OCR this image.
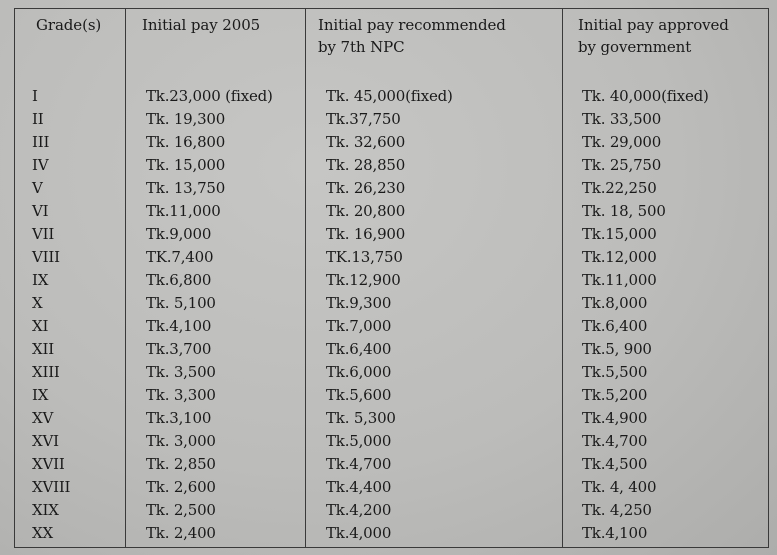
Grade(s)	Initial pay 2005	Initial pay recommended
by 7th NPC
Initial pay approved
by government
I
II
III
IV
V
VI
VII
VIII
IX
X
XI
XII
XIII
IX
XV
XVI
XVII
XVIII
XIX
XX
Tk.23,000 (fixed)
Tk. 19,300
Tk. 16,800
Tk. 15,000
Tk. 13,750
Tk.11,000
Tk.9,000
TK.7,400
Tk.6,800
Tk. 5,100
Tk.4,100
Tk.3,700
Tk. 3,500
Tk. 3,300
Tk.3,100
Tk. 3,000
Tk. 2,850
Tk. 2,600
Tk. 2,500
Tk. 2,400
Tk. 45,000(fixed)
Tk.37,750
Tk. 32,600
Tk. 28,850
Tk. 26,230
Tk. 20,800
Tk. 16,900
TK.13,750
Tk.12,900
Tk.9,300
Tk.7,000
Tk.6,400
Tk.6,000
Tk.5,600
Tk. 5,300
Tk.5,000
Tk.4,700
Tk.4,400
Tk.4,200
Tk.4,000
Tk. 40,000(fixed)
Tk. 33,500
Tk. 29,000
Tk. 25,750
Tk.22,250
Tk. 18, 500
Tk.15,000
Tk.12,000
Tk.11,000
Tk.8,000
Tk.6,400
Tk.5, 900
Tk.5,500
Tk.5,200
Tk.4,900
Tk.4,700
Tk.4,500
Tk. 4, 400
Tk. 4,250
Tk.4,100
